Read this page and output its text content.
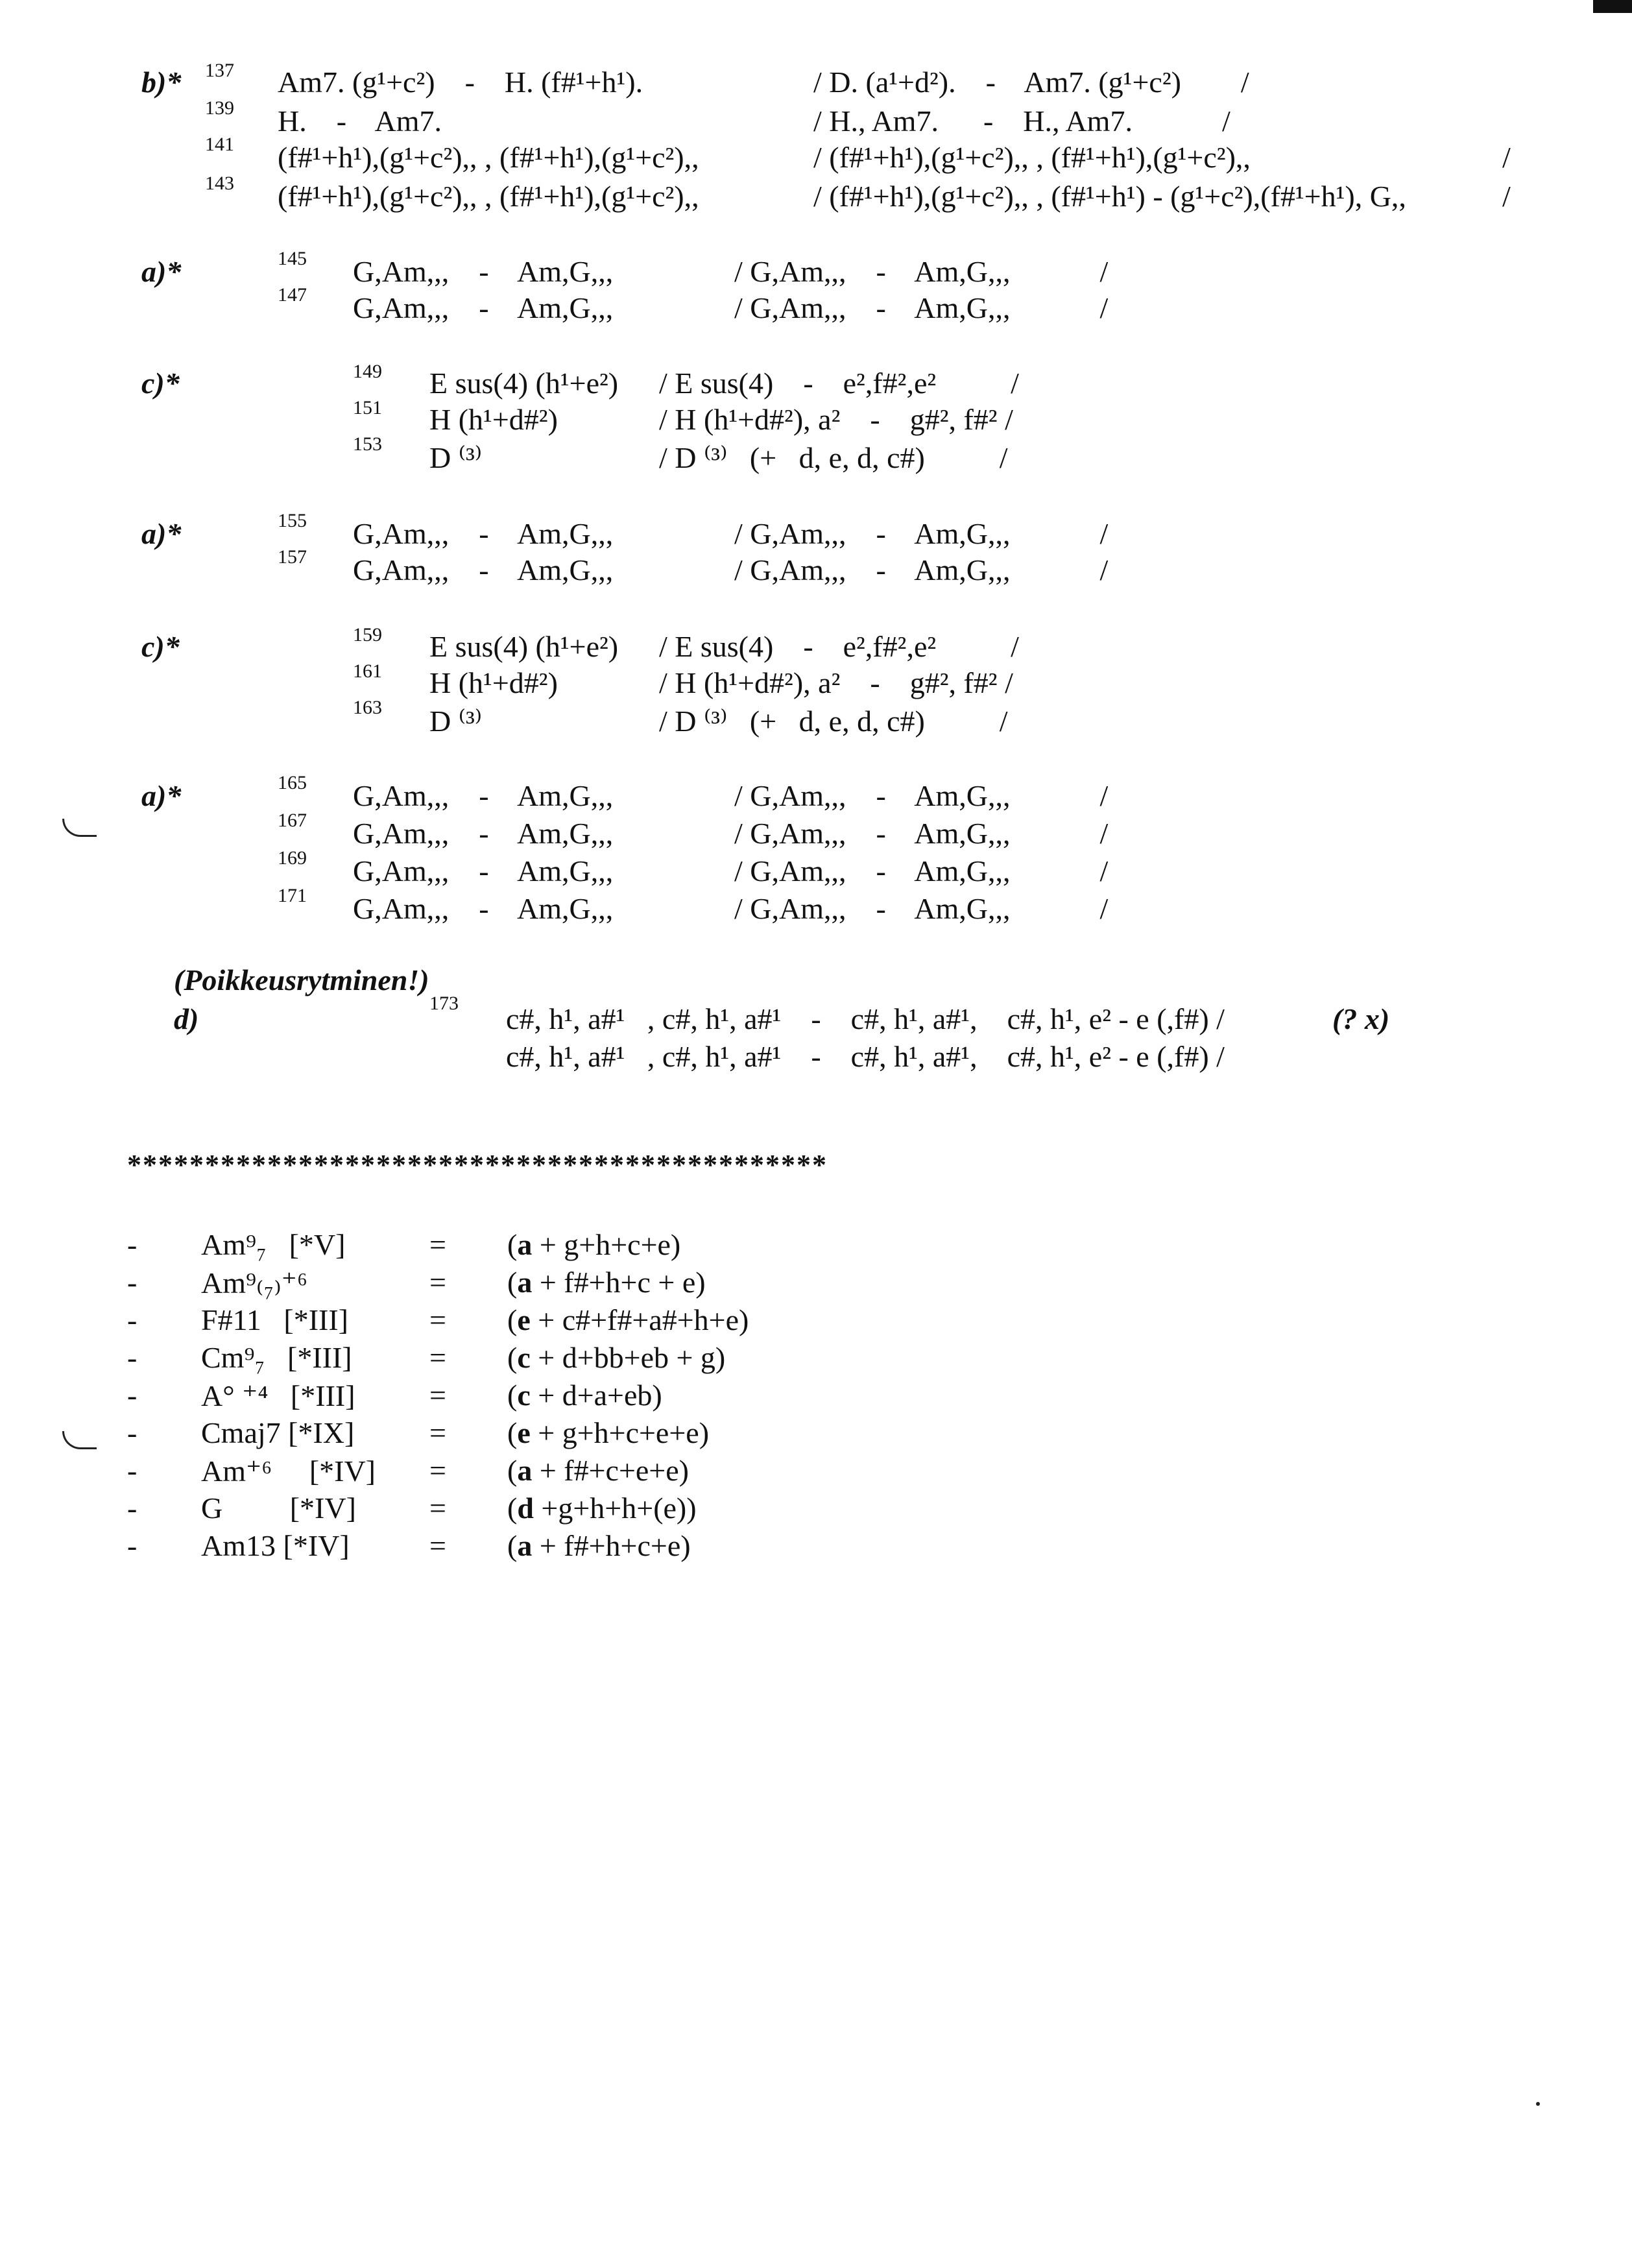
b)* 137 Am7. (g¹+c²)    -    H. (f#¹+h¹).	/ D. (a¹+d²).    -    Am7. (g¹+c²)        /
139 H.    -    Am7.	/ H., Am7.      -    H., Am7.            /
141 (f#¹+h¹),(g¹+c²),, , (f#¹+h¹),(g¹+c²),,	/ (f#¹+h¹),(g¹+c²),, , (f#¹+h¹),(g¹+c²),,	/
143 (f#¹+h¹),(g¹+c²),, , (f#¹+h¹),(g¹+c²),,	/ (f#¹+h¹),(g¹+c²),, , (f#¹+h¹) - (g¹+c²),(f#¹+h¹), G,,	/
a)*	145 G,Am,,,    -    Am,G,,,	/ G,Am,,,    -    Am,G,,,            /
147 G,Am,,,    -    Am,G,,,	/ G,Am,,,    -    Am,G,,,            /
c)*	149 E sus(4) (h¹+e²) / E sus(4)    -    e²,f#²,e²          /
151 H (h¹+d#²)	/ H (h¹+d#²), a²    -    g#², f#² /
153 D ⁽³⁾	/ D ⁽³⁾   (+   d, e, d, c#)          /
a)*	155 G,Am,,,    -    Am,G,,,	/ G,Am,,,    -    Am,G,,,            /
157 G,Am,,,    -    Am,G,,,	/ G,Am,,,    -    Am,G,,,            /
c)*	159 E sus(4) (h¹+e²) / E sus(4)    -    e²,f#²,e²          /
161 H (h¹+d#²)	/ H (h¹+d#²), a²    -    g#², f#² /
163 D ⁽³⁾	/ D ⁽³⁾   (+   d, e, d, c#)          /
a)*	165 G,Am,,,    -    Am,G,,,	/ G,Am,,,    -    Am,G,,,            /
167 G,Am,,,    -    Am,G,,,	/ G,Am,,,    -    Am,G,,,            /
169 G,Am,,,    -    Am,G,,,	/ G,Am,,,    -    Am,G,,,            /
171 G,Am,,,    -    Am,G,,,	/ G,Am,,,    -    Am,G,,,            /
(Poikkeusrytminen!)
d)	173 c#, h¹, a#¹   , c#, h¹, a#¹    -    c#, h¹, a#¹,    c#, h¹, e² - e (,f#) /	(? x)
c#, h¹, a#¹   , c#, h¹, a#¹    -    c#, h¹, a#¹,    c#, h¹, e² - e (,f#) /
*********************************************
- Am⁹₇   [*V]	= (a + g+h+c+e)
- Am⁹₍₇₎⁺⁶	= (a + f#+h+c + e)
- F#11   [*III]	= (e + c#+f#+a#+h+e)
- Cm⁹₇   [*III]	= (c + d+bb+eb + g)
- A° ⁺⁴   [*III] = (c + d+a+eb)
- Cmaj7 [*IX]	= (e + g+h+c+e+e)
- Am⁺⁶     [*IV] = (a + f#+c+e+e)
- G         [*IV] = (d +g+h+h+(e))
- Am13 [*IV]	= (a + f#+h+c+e)
